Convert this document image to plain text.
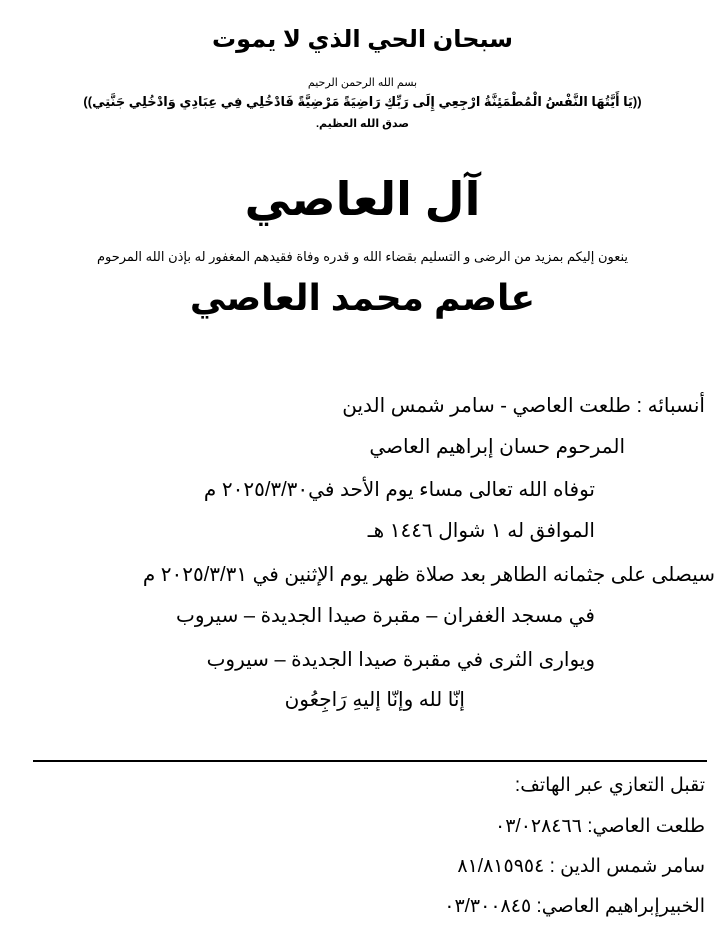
سبحان الحي الذي لا يموت
بسم الله الرحمن الرحيم
((يَا أَيَّتُهَا النَّفْسُ الْمُطْمَئِنَّةُ ارْجِعِي إِلَى رَبِّكِ رَاضِيَةً مَرْضِيَّةً فَادْخُلِي فِي عِبَادِي وَادْخُلِي جَنَّتِي))
صدق الله العظيم.
آل العاصي
ينعون إليكم بمزيد من الرضى و التسليم بقضاء الله و قدره وفاة فقيدهم المغفور له بإذن الله المرحوم
عاصم محمد العاصي
أنسبائه : طلعت العاصي - سامر شمس الدين
المرحوم حسان إبراهيم العاصي
توفاه الله تعالى مساء يوم الأحد في٢٠٢٥/٣/٣٠ م
الموافق له ١ شوال ١٤٤٦ هـ
سيصلى على جثمانه الطاهر بعد صلاة ظهر يوم الإثنين في ٢٠٢٥/٣/٣١ م
في مسجد الغفران – مقبرة صيدا الجديدة – سيروب
ويوارى الثرى في مقبرة صيدا الجديدة – سيروب
إنّا لله وإنّا إليهِ رَاجِعُون
تقبل التعازي عبر الهاتف:
طلعت العاصي: ٠٣/٠٢٨٤٦٦
سامر شمس الدين : ٨١/٨١٥٩٥٤
الخبيرإبراهيم العاصي: ٠٣/٣٠٠٨٤٥
